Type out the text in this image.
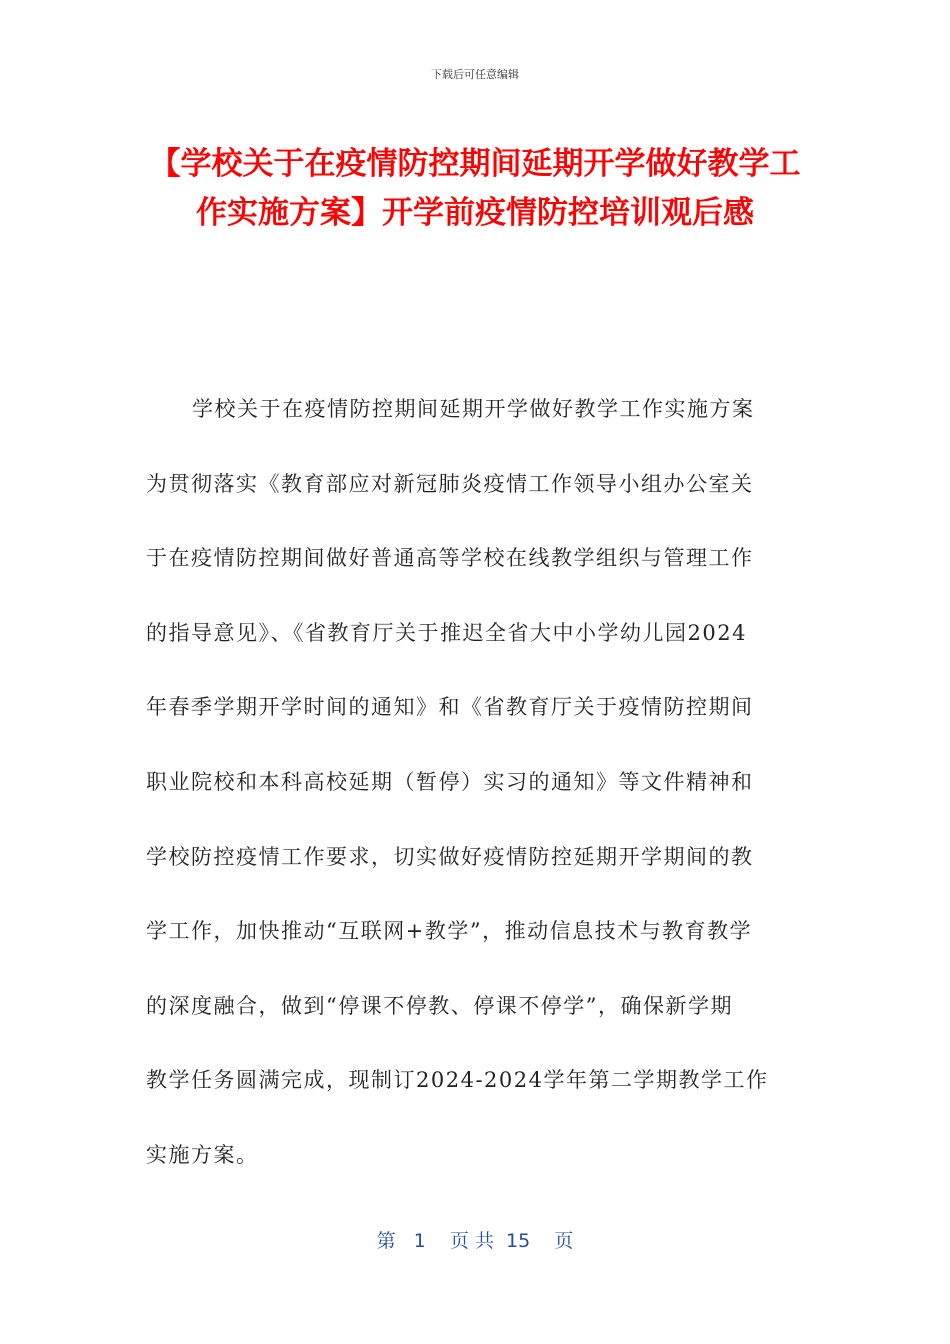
下载后可任意编辑
【学校关于在疫情防控期间延期开学做好教学工作实施方案】开学前疫情防控培训观后感
学校关于在疫情防控期间延期开学做好教学工作实施方案
为贯彻落实《教育部应对新冠肺炎疫情工作领导小组办公室关
于在疫情防控期间做好普通高等学校在线教学组织与管理工作
的指导意见》、《省教育厅关于推迟全省大中小学幼儿园2024
年春季学期开学时间的通知》和《省教育厅关于疫情防控期间
职业院校和本科高校延期（暂停）实习的通知》等文件精神和
学校防控疫情工作要求，切实做好疫情防控延期开学期间的教
学工作，加快推动“互联网+教学”，推动信息技术与教育教学
的深度融合，做到“停课不停教、停课不停学”，确保新学期
教学任务圆满完成，现制订2024-2024学年第二学期教学工作
实施方案。
第   1    页 共  15    页
